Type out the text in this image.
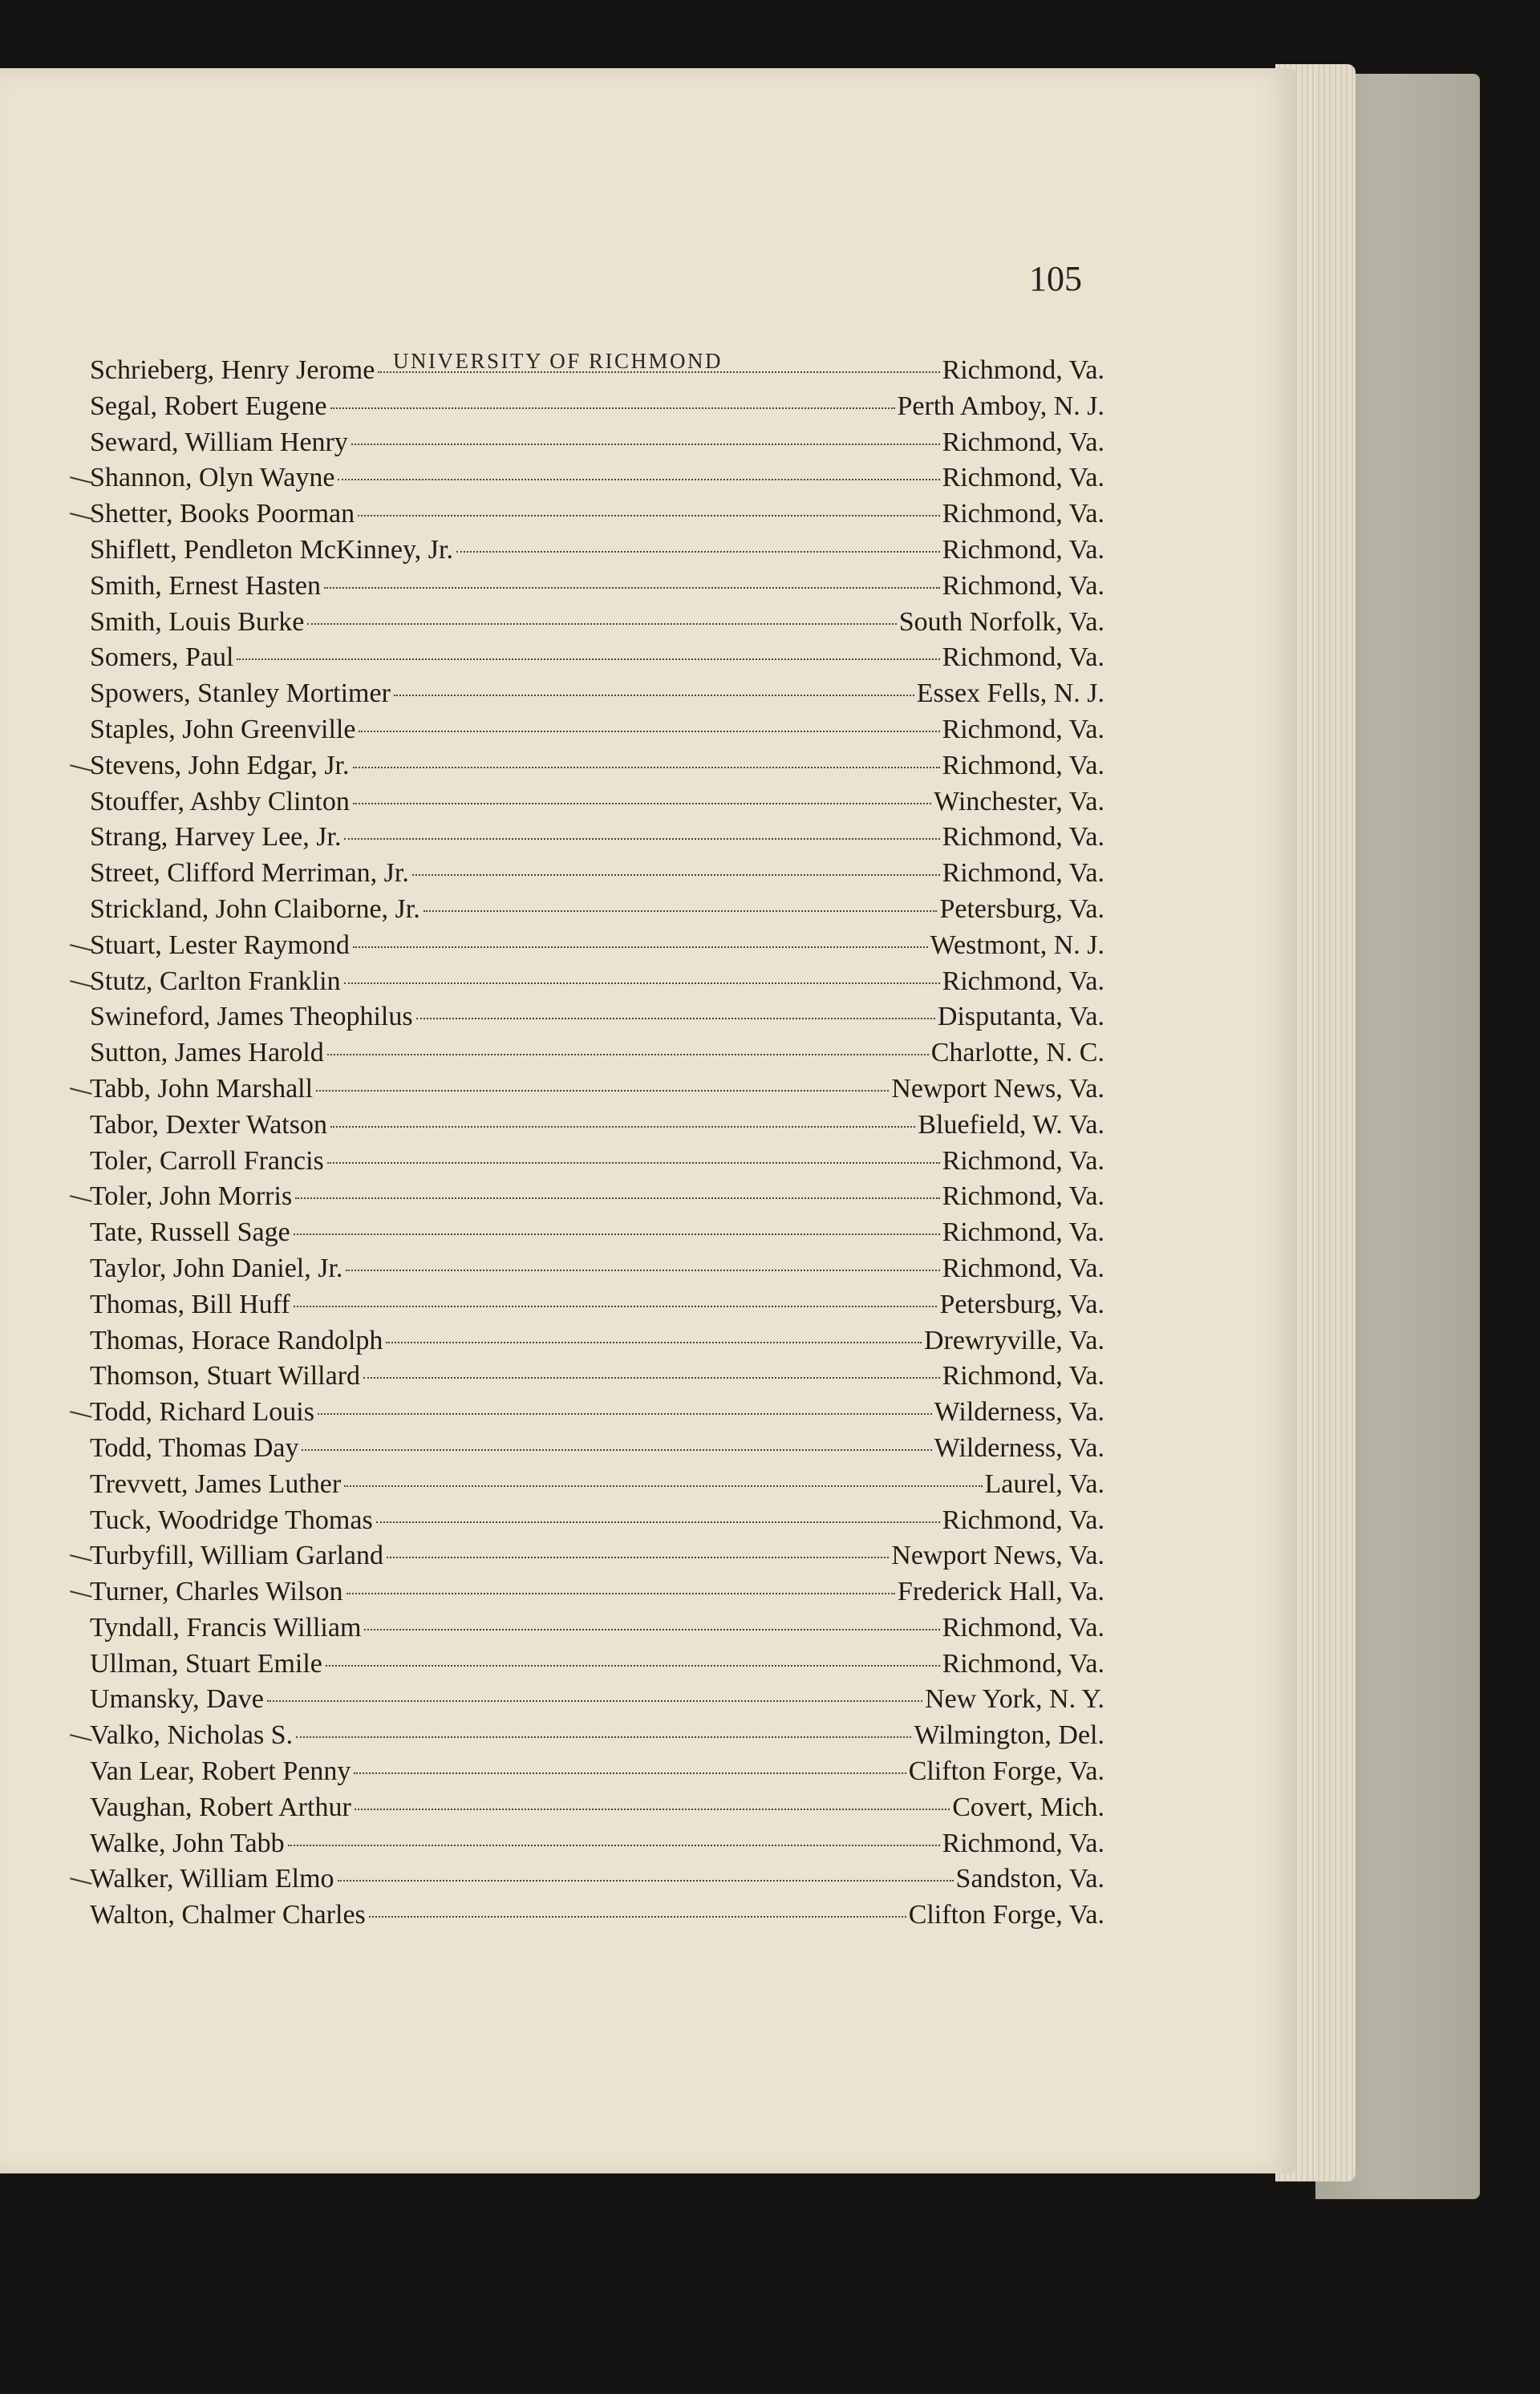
UNIVERSITY OF RICHMOND
105
Schrieberg, Henry Jerome	Richmond, Va.
Segal, Robert Eugene	Perth Amboy, N. J.
Seward, William Henry	Richmond, Va.
Shannon, Olyn Wayne	Richmond, Va.
Shetter, Books Poorman	Richmond, Va.
Shiflett, Pendleton McKinney, Jr.	Richmond, Va.
Smith, Ernest Hasten	Richmond, Va.
Smith, Louis Burke	South Norfolk, Va.
Somers, Paul	Richmond, Va.
Spowers, Stanley Mortimer	Essex Fells, N. J.
Staples, John Greenville	Richmond, Va.
Stevens, John Edgar, Jr.	Richmond, Va.
Stouffer, Ashby Clinton	Winchester, Va.
Strang, Harvey Lee, Jr.	Richmond, Va.
Street, Clifford Merriman, Jr.	Richmond, Va.
Strickland, John Claiborne, Jr.	Petersburg, Va.
Stuart, Lester Raymond	Westmont, N. J.
Stutz, Carlton Franklin	Richmond, Va.
Swineford, James Theophilus	Disputanta, Va.
Sutton, James Harold	Charlotte, N. C.
Tabb, John Marshall	Newport News, Va.
Tabor, Dexter Watson	Bluefield, W. Va.
Toler, Carroll Francis	Richmond, Va.
Toler, John Morris	Richmond, Va.
Tate, Russell Sage	Richmond, Va.
Taylor, John Daniel, Jr.	Richmond, Va.
Thomas, Bill Huff	Petersburg, Va.
Thomas, Horace Randolph	Drewryville, Va.
Thomson, Stuart Willard	Richmond, Va.
Todd, Richard Louis	Wilderness, Va.
Todd, Thomas Day	Wilderness, Va.
Trevvett, James Luther	Laurel, Va.
Tuck, Woodridge Thomas	Richmond, Va.
Turbyfill, William Garland	Newport News, Va.
Turner, Charles Wilson	Frederick Hall, Va.
Tyndall, Francis William	Richmond, Va.
Ullman, Stuart Emile	Richmond, Va.
Umansky, Dave	New York, N. Y.
Valko, Nicholas S.	Wilmington, Del.
Van Lear, Robert Penny	Clifton Forge, Va.
Vaughan, Robert Arthur	Covert, Mich.
Walke, John Tabb	Richmond, Va.
Walker, William Elmo	Sandston, Va.
Walton, Chalmer Charles	Clifton Forge, Va.
